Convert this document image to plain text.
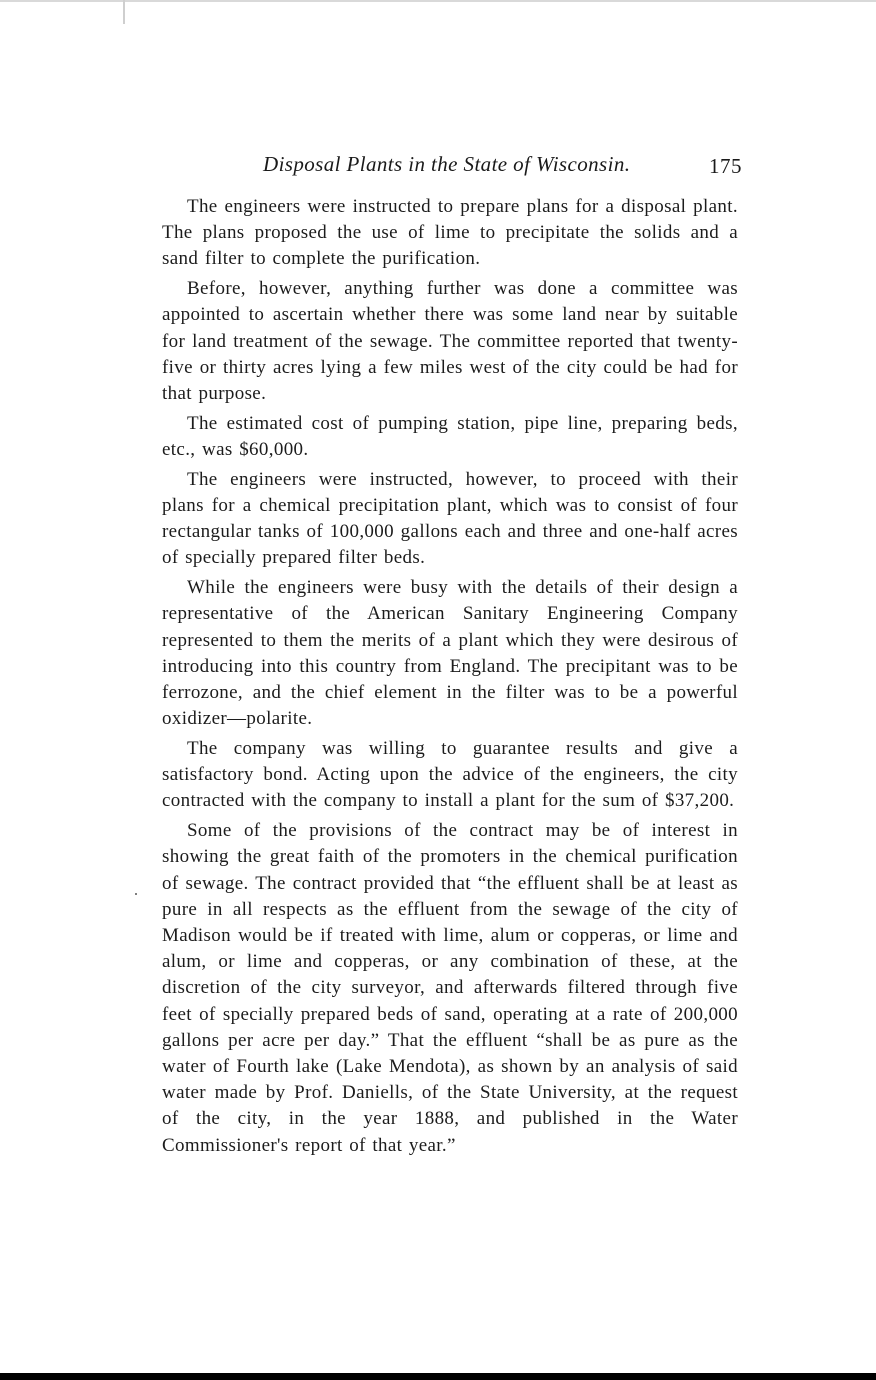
Disposal Plants in the State of Wisconsin.	175

The engineers were instructed to prepare plans for a disposal plant. The plans proposed the use of lime to precipitate the solids and a sand filter to complete the purification.

Before, however, anything further was done a committee was appointed to ascertain whether there was some land near by suitable for land treatment of the sewage. The committee reported that twenty-five or thirty acres lying a few miles west of the city could be had for that purpose.

The estimated cost of pumping station, pipe line, preparing beds, etc., was $60,000.

The engineers were instructed, however, to proceed with their plans for a chemical precipitation plant, which was to consist of four rectangular tanks of 100,000 gallons each and three and one-half acres of specially prepared filter beds.

While the engineers were busy with the details of their design a representative of the American Sanitary Engineering Company represented to them the merits of a plant which they were desirous of introducing into this country from England. The precipitant was to be ferrozone, and the chief element in the filter was to be a powerful oxidizer—polarite.

The company was willing to guarantee results and give a satisfactory bond. Acting upon the advice of the engineers, the city contracted with the company to install a plant for the sum of $37,200.

Some of the provisions of the contract may be of interest in showing the great faith of the promoters in the chemical purification of sewage. The contract provided that “the effluent shall be at least as pure in all respects as the effluent from the sewage of the city of Madison would be if treated with lime, alum or copperas, or lime and alum, or lime and copperas, or any combination of these, at the discretion of the city surveyor, and afterwards filtered through five feet of specially prepared beds of sand, operating at a rate of 200,000 gallons per acre per day.” That the effluent “shall be as pure as the water of Fourth lake (Lake Mendota), as shown by an analysis of said water made by Prof. Daniells, of the State University, at the request of the city, in the year 1888, and published in the Water Commissioner's report of that year.”
